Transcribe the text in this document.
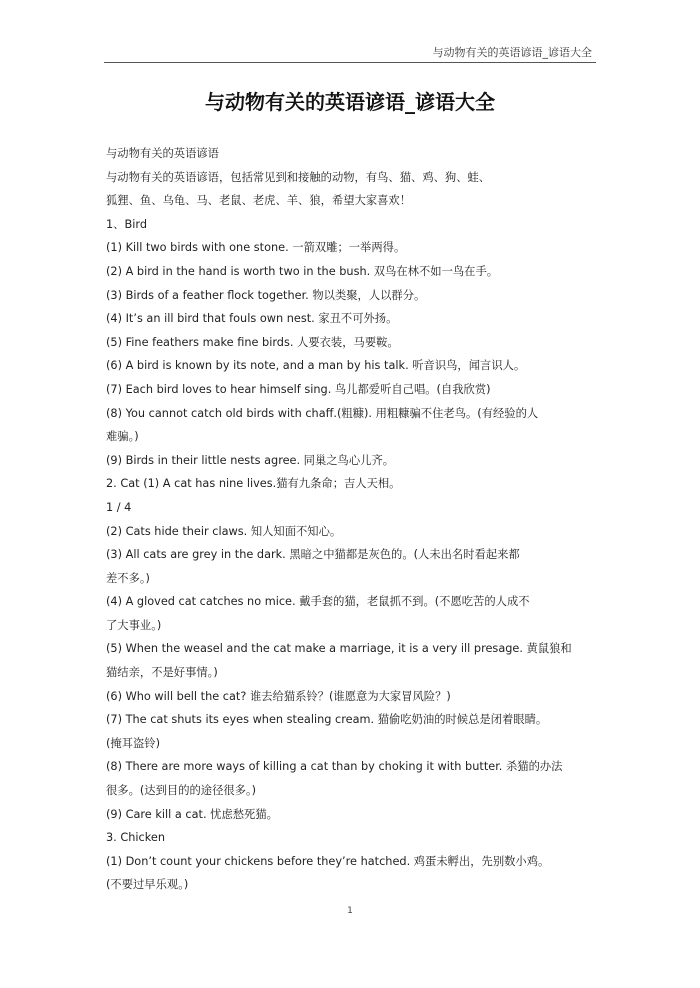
与动物有关的英语谚语_谚语大全
与动物有关的英语谚语_谚语大全
与动物有关的英语谚语
与动物有关的英语谚语，包括常见到和接触的动物，有鸟、猫、鸡、狗、蛙、
狐狸、鱼、乌龟、马、老鼠、老虎、羊、狼，希望大家喜欢！
1、Bird
(1) Kill two birds with one stone. 一箭双雕；一举两得。
(2) A bird in the hand is worth two in the bush. 双鸟在林不如一鸟在手。
(3) Birds of a feather flock together. 物以类聚，人以群分。
(4) It’s an ill bird that fouls own nest. 家丑不可外扬。
(5) Fine feathers make fine birds. 人要衣装，马要鞍。
(6) A bird is known by its note, and a man by his talk. 听音识鸟，闻言识人。
(7) Each bird loves to hear himself sing. 鸟儿都爱听自己唱。(自我欣赏)
(8) You cannot catch old birds with chaff.(粗糠). 用粗糠骗不住老鸟。(有经验的人
难骗。)
(9) Birds in their little nests agree. 同巢之鸟心儿齐。
2. Cat (1) A cat has nine lives.猫有九条命；吉人天相。
1 / 4
(2) Cats hide their claws. 知人知面不知心。
(3) All cats are grey in the dark. 黑暗之中猫都是灰色的。(人未出名时看起来都
差不多。)
(4) A gloved cat catches no mice. 戴手套的猫，老鼠抓不到。(不愿吃苦的人成不
了大事业。)
(5) When the weasel and the cat make a marriage, it is a very ill presage. 黄鼠狼和
猫结亲，不是好事情。)
(6) Who will bell the cat? 谁去给猫系铃？(谁愿意为大家冒风险？)
(7) The cat shuts its eyes when stealing cream. 猫偷吃奶油的时候总是闭着眼睛。
(掩耳盗铃)
(8) There are more ways of killing a cat than by choking it with butter. 杀猫的办法
很多。(达到目的的途径很多。)
(9) Care kill a cat. 忧虑愁死猫。
3. Chicken
(1) Don’t count your chickens before they’re hatched. 鸡蛋未孵出，先别数小鸡。
(不要过早乐观。)
1
